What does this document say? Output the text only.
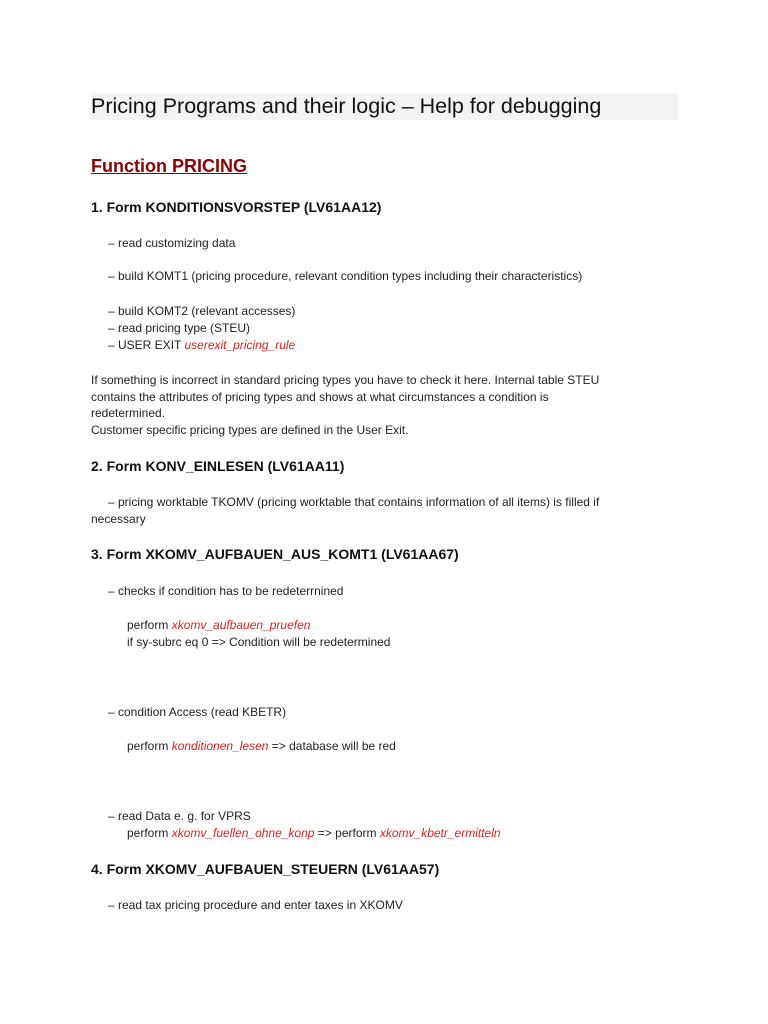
Pricing Programs and their logic – Help for debugging
Function PRICING
1. Form KONDITIONSVORSTEP (LV61AA12)

– read customizing data

– build KOMT1 (pricing procedure, relevant condition types including their characteristics)

– build KOMT2 (relevant accesses)

– read pricing type (STEU)

– USER EXIT userexit_pricing_rule

If something is incorrect in standard pricing types you have to check it here. Internal table STEU

contains the attributes of pricing types and shows at what circumstances a condition is

redetermined.

Customer specific pricing types are defined in the User Exit.

2. Form KONV_EINLESEN (LV61AA11)

– pricing worktable TKOMV (pricing worktable that contains information of all items) is filled if

necessary

3. Form XKOMV_AUFBAUEN_AUS_KOMT1 (LV61AA67)

– checks if condition has to be redeterrnined

perform xkomv_aufbauen_pruefen

if sy-subrc eq 0 => Condition will be redetermined

– condition Access (read KBETR)

perform konditionen_lesen => database will be red

– read Data e. g. for VPRS

perform xkomv_fuellen_ohne_konp => perform xkomv_kbetr_ermitteln

4. Form XKOMV_AUFBAUEN_STEUERN (LV61AA57)

– read tax pricing procedure and enter taxes in XKOMV
